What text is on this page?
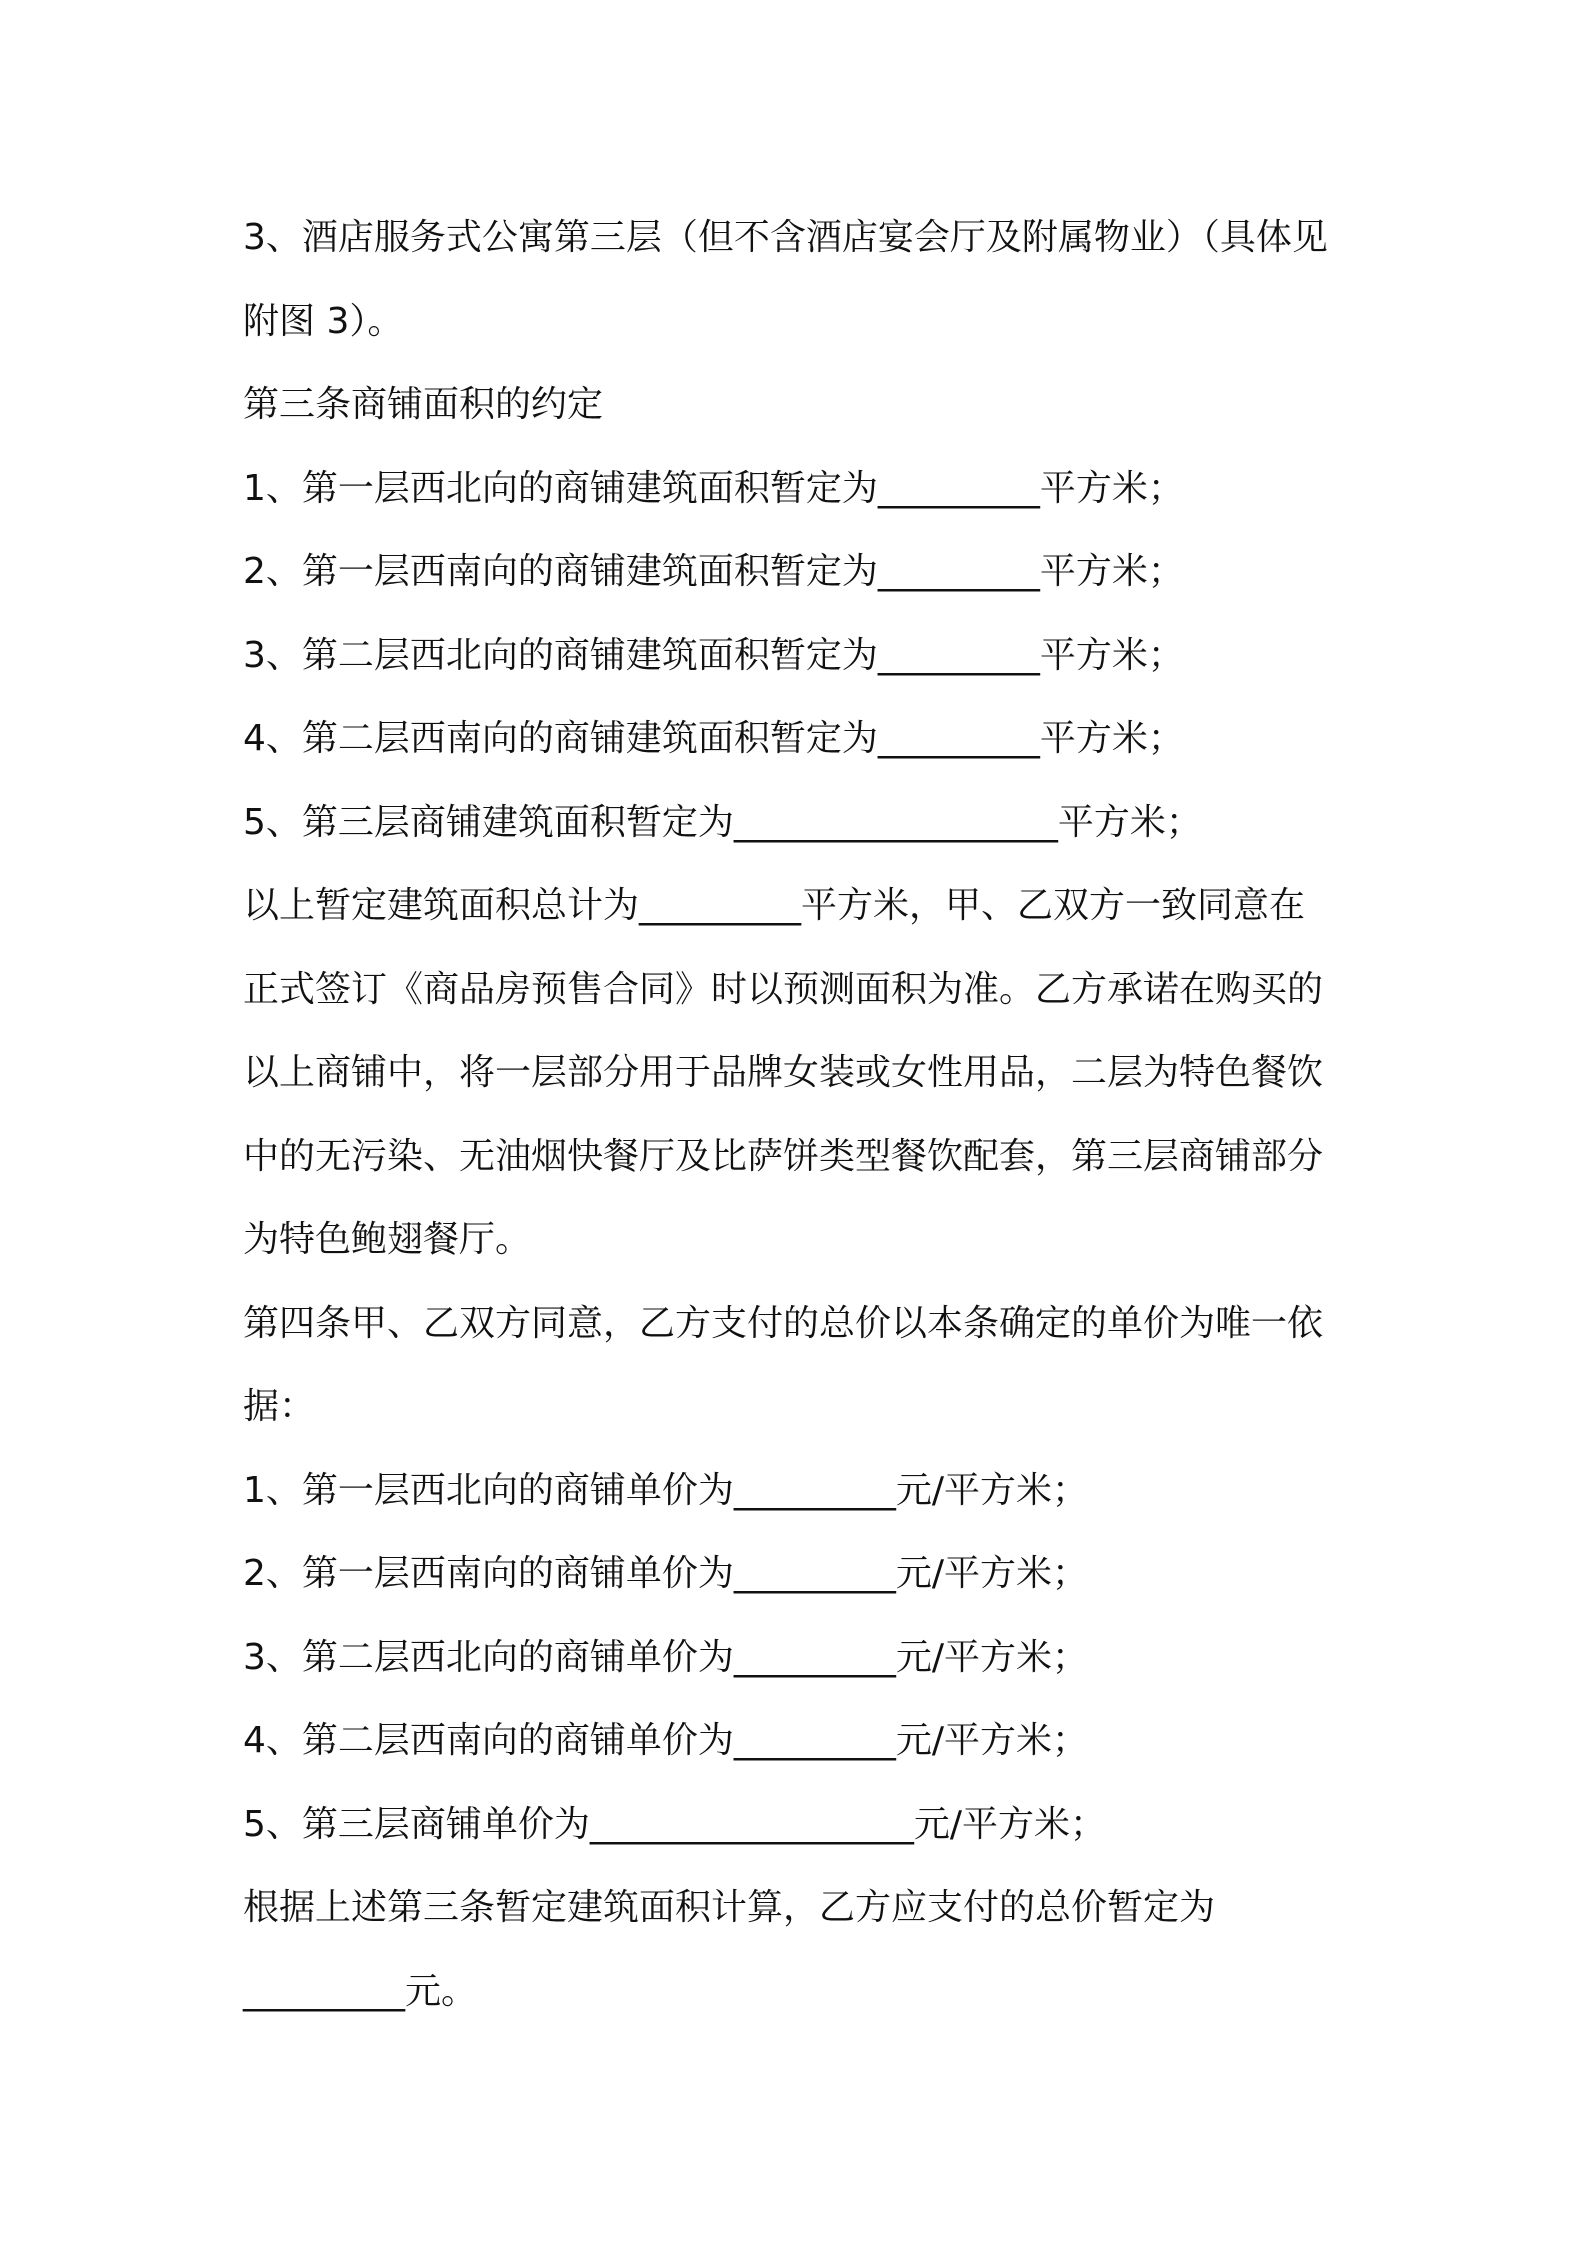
3、酒店服务式公寓第三层（但不含酒店宴会厅及附属物业）（具体见
附图 3）。
第三条商铺面积的约定
1、第一层西北向的商铺建筑面积暂定为_________平方米；
2、第一层西南向的商铺建筑面积暂定为_________平方米；
3、第二层西北向的商铺建筑面积暂定为_________平方米；
4、第二层西南向的商铺建筑面积暂定为_________平方米；
5、第三层商铺建筑面积暂定为__________________平方米；
以上暂定建筑面积总计为_________平方米，甲、乙双方一致同意在
正式签订《商品房预售合同》时以预测面积为准。乙方承诺在购买的
以上商铺中，将一层部分用于品牌女装或女性用品，二层为特色餐饮
中的无污染、无油烟快餐厅及比萨饼类型餐饮配套，第三层商铺部分
为特色鲍翅餐厅。
第四条甲、乙双方同意，乙方支付的总价以本条确定的单价为唯一依
据：
1、第一层西北向的商铺单价为_________元/平方米；
2、第一层西南向的商铺单价为_________元/平方米；
3、第二层西北向的商铺单价为_________元/平方米；
4、第二层西南向的商铺单价为_________元/平方米；
5、第三层商铺单价为__________________元/平方米；
根据上述第三条暂定建筑面积计算，乙方应支付的总价暂定为
_________元。
